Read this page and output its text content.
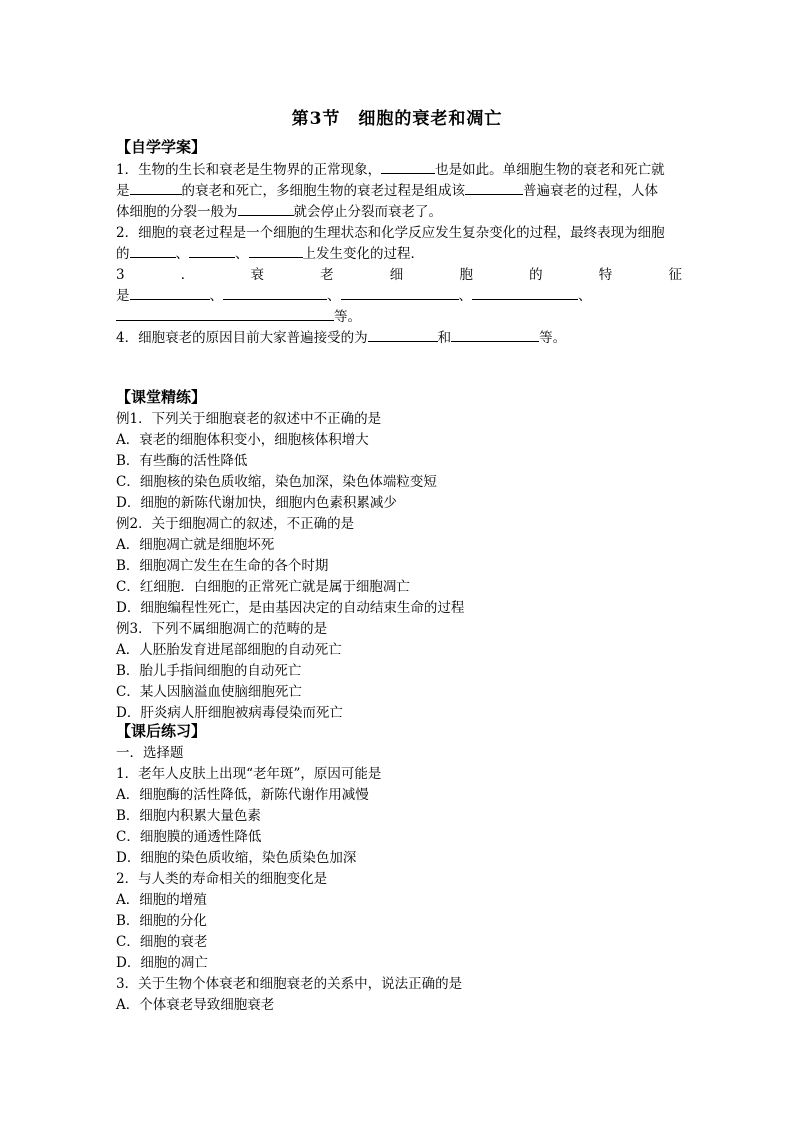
第3节　细胞的衰老和凋亡
【自学学案】
1．生物的生长和衰老是生物界的正常现象，	也是如此。单细胞生物的衰老和死亡就
是	的衰老和死亡，多细胞生物的衰老过程是组成该	普遍衰老的过程，人体
体细胞的分裂一般为	就会停止分裂而衰老了。
2．细胞的衰老过程是一个细胞的生理状态和化学反应发生复杂变化的过程，最终表现为细胞
的	、	、	上发生变化的过程．
3	．	衰	老	细	胞	的	特	征
是	、	、	、	、
等。
4．细胞衰老的原因目前大家普遍接受的为	和	等。
【课堂精练】
例1．下列关于细胞衰老的叙述中不正确的是
A．衰老的细胞体积变小，细胞核体积增大
B．有些酶的活性降低
C．细胞核的染色质收缩，染色加深，染色体端粒变短
D．细胞的新陈代谢加快，细胞内色素积累减少
例2．关于细胞凋亡的叙述，不正确的是
A．细胞凋亡就是细胞坏死
B．细胞凋亡发生在生命的各个时期
C．红细胞．白细胞的正常死亡就是属于细胞凋亡
D．细胞编程性死亡，是由基因决定的自动结束生命的过程
例3．下列不属细胞凋亡的范畴的是
A．人胚胎发育进尾部细胞的自动死亡
B．胎儿手指间细胞的自动死亡
C．某人因脑溢血使脑细胞死亡
D．肝炎病人肝细胞被病毒侵染而死亡
【课后练习】
一．选择题
1．老年人皮肤上出现“老年斑”，原因可能是
A．细胞酶的活性降低，新陈代谢作用减慢
B．细胞内积累大量色素
C．细胞膜的通透性降低
D．细胞的染色质收缩，染色质染色加深
2．与人类的寿命相关的细胞变化是
A．细胞的增殖
B．细胞的分化
C．细胞的衰老
D．细胞的凋亡
3．关于生物个体衰老和细胞衰老的关系中，说法正确的是
A．个体衰老导致细胞衰老
